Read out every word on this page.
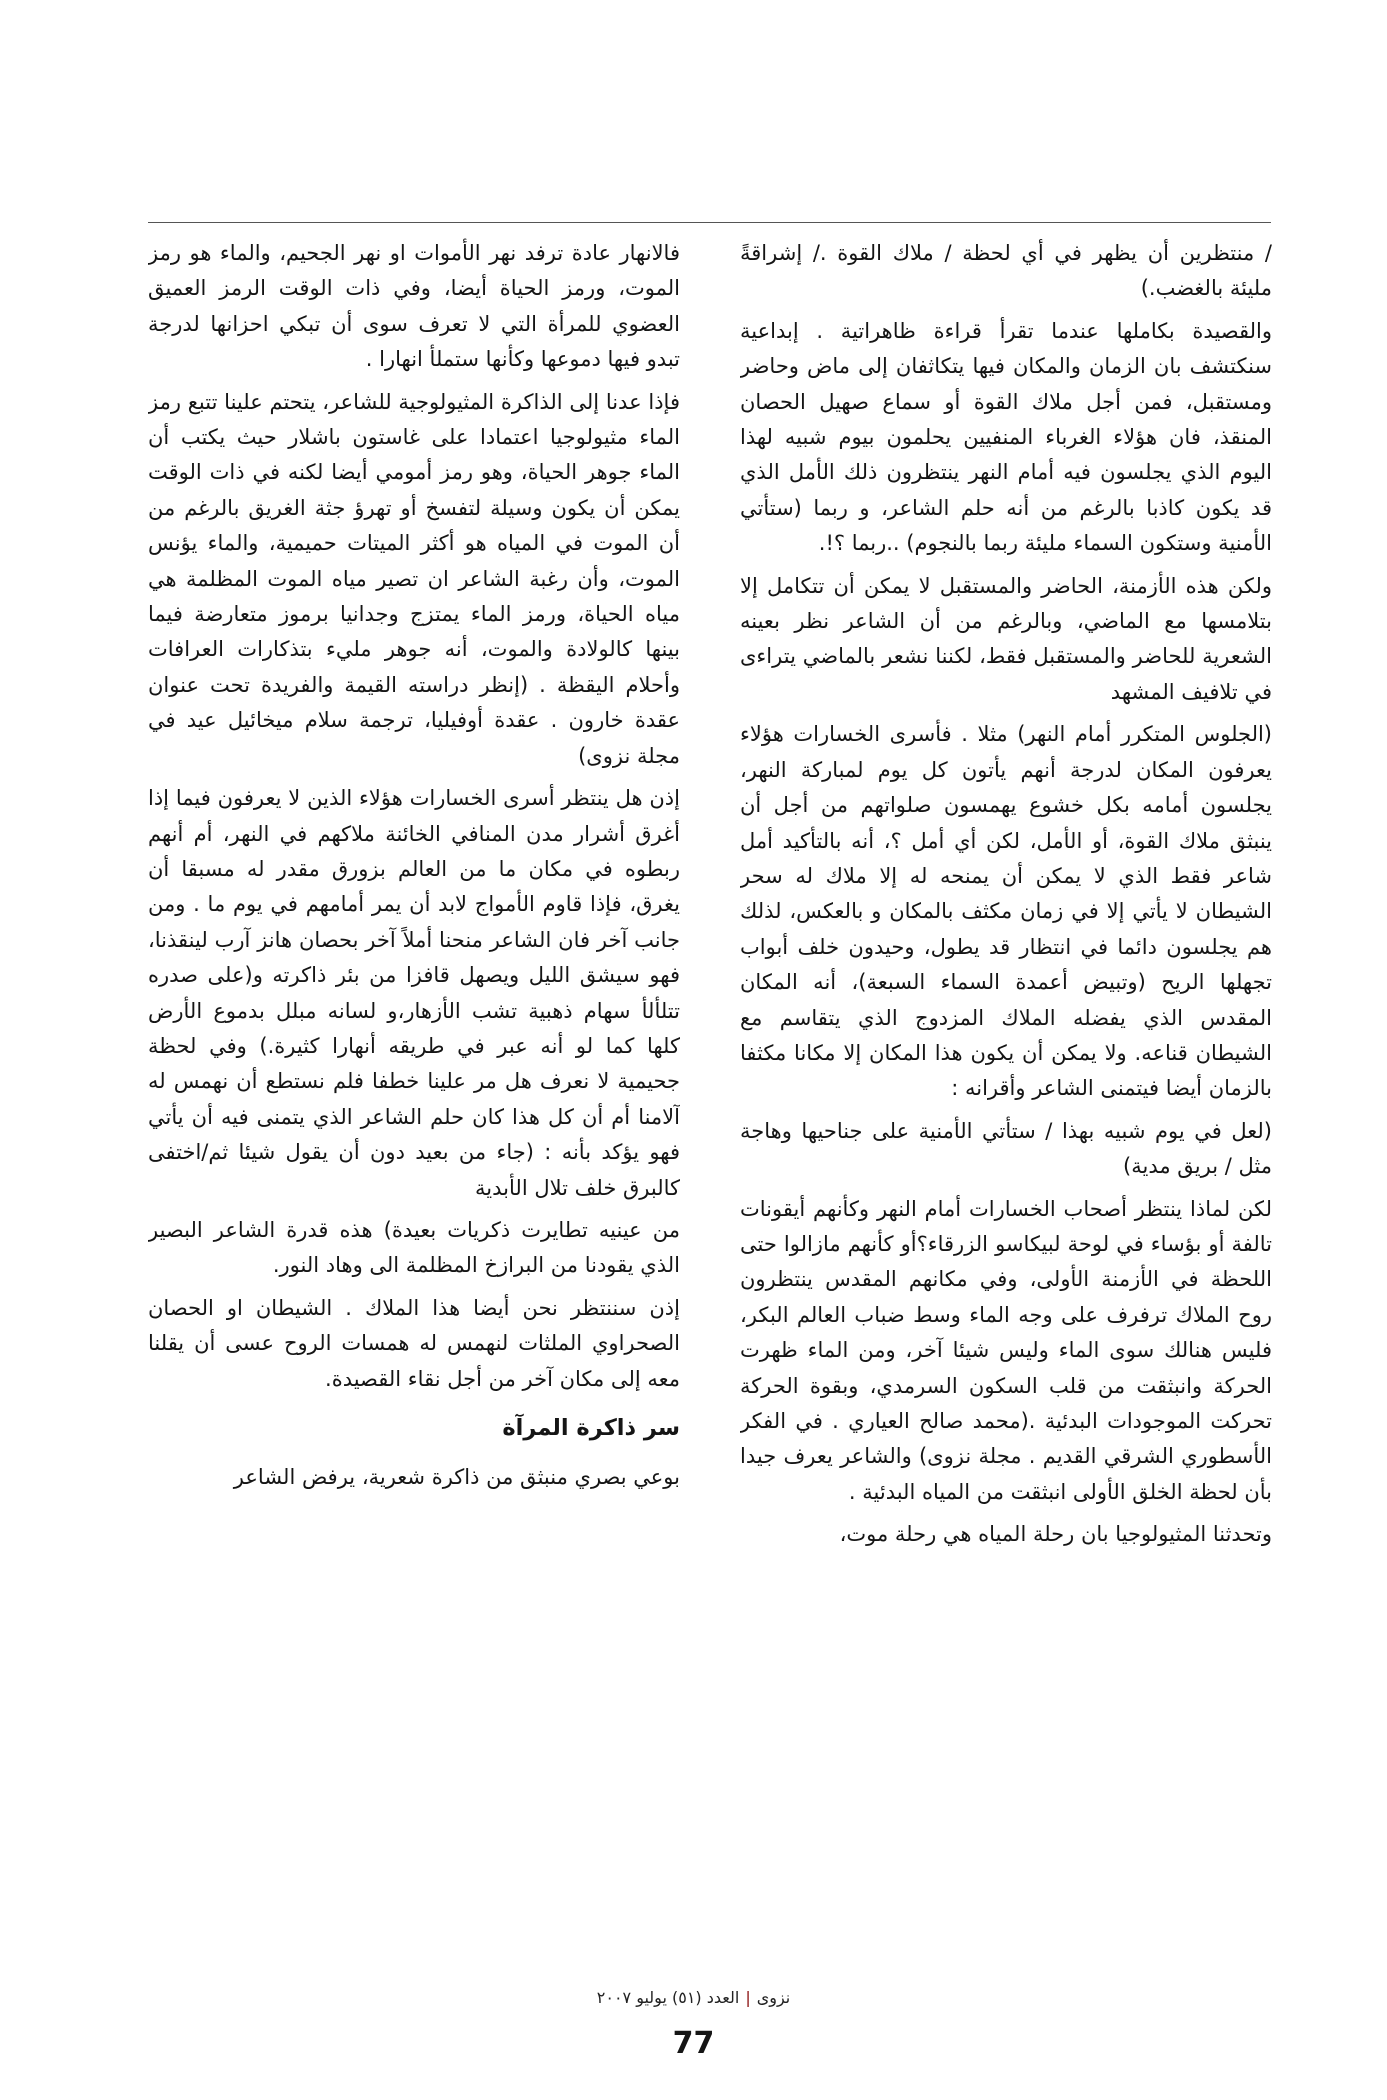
/ منتظرين أن يظهر في أي لحظة / ملاك القوة ./ إشراقةً مليئة بالغضب.)

والقصيدة بكاملها عندما تقرأ قراءة ظاهراتية . إبداعية سنكتشف بان الزمان والمكان فيها يتكاثفان إلى ماض وحاضر ومستقبل، فمن أجل ملاك القوة أو سماع صهيل الحصان المنقذ، فان هؤلاء الغرباء المنفيين يحلمون بيوم شبيه لهذا اليوم الذي يجلسون فيه أمام النهر ينتظرون ذلك الأمل الذي قد يكون كاذبا بالرغم من أنه حلم الشاعر، و ربما (ستأتي الأمنية وستكون السماء مليئة ربما بالنجوم) ..ربما ؟!.

ولكن هذه الأزمنة، الحاضر والمستقبل لا يمكن أن تتكامل إلا بتلامسها مع الماضي، وبالرغم من أن الشاعر نظر بعينه الشعرية للحاضر والمستقبل فقط، لكننا نشعر بالماضي يتراءى في تلافيف المشهد

(الجلوس المتكرر أمام النهر) مثلا . فأسرى الخسارات هؤلاء يعرفون المكان لدرجة أنهم يأتون كل يوم لمباركة النهر، يجلسون أمامه بكل خشوع يهمسون صلواتهم من أجل أن ينبثق ملاك القوة، أو الأمل، لكن أي أمل ؟، أنه بالتأكيد أمل شاعر فقط الذي لا يمكن أن يمنحه له إلا ملاك له سحر الشيطان لا يأتي إلا في زمان مكثف بالمكان و بالعكس، لذلك هم يجلسون دائما في انتظار قد يطول، وحيدون خلف أبواب تجهلها الريح (وتبيض أعمدة السماء السبعة)، أنه المكان المقدس الذي يفضله الملاك المزدوج الذي يتقاسم مع الشيطان قناعه. ولا يمكن أن يكون هذا المكان إلا مكانا مكثفا بالزمان أيضا فيتمنى الشاعر وأقرانه :

(لعل في يوم شبيه بهذا / ستأتي الأمنية على جناحيها وهاجة مثل / بريق مدية)

لكن لماذا ينتظر أصحاب الخسارات أمام النهر وكأنهم أيقونات تالفة أو بؤساء في لوحة لبيكاسو الزرقاء؟أو كأنهم مازالوا حتى اللحظة في الأزمنة الأولى، وفي مكانهم المقدس ينتظرون روح الملاك ترفرف على وجه الماء وسط ضباب العالم البكر، فليس هنالك سوى الماء وليس شيئا آخر، ومن الماء ظهرت الحركة وانبثقت من قلب السكون السرمدي، وبقوة الحركة تحركت الموجودات البدئية .(محمد صالح العياري . في الفكر الأسطوري الشرقي القديم . مجلة نزوى) والشاعر يعرف جيدا بأن لحظة الخلق الأولى انبثقت من المياه البدئية .

وتحدثنا المثيولوجيا بان رحلة المياه هي رحلة موت،

فالانهار عادة ترفد نهر الأموات او نهر الجحيم، والماء هو رمز الموت، ورمز الحياة أيضا، وفي ذات الوقت الرمز العميق العضوي للمرأة التي لا تعرف سوى أن تبكي احزانها لدرجة تبدو فيها دموعها وكأنها ستملأ انهارا .

فإذا عدنا إلى الذاكرة المثيولوجية للشاعر، يتحتم علينا تتبع رمز الماء مثيولوجيا اعتمادا على غاستون باشلار حيث يكتب أن الماء جوهر الحياة، وهو رمز أمومي أيضا لكنه في ذات الوقت يمكن أن يكون وسيلة لتفسخ أو تهرؤ جثة الغريق بالرغم من أن الموت في المياه هو أكثر الميتات حميمية، والماء يؤنس الموت، وأن رغبة الشاعر ان تصير مياه الموت المظلمة هي مياه الحياة، ورمز الماء يمتزج وجدانيا برموز متعارضة فيما بينها كالولادة والموت، أنه جوهر مليء بتذكارات العرافات وأحلام اليقظة . (إنظر دراسته القيمة والفريدة تحت عنوان عقدة خارون . عقدة أوفيليا، ترجمة سلام ميخائيل عيد في مجلة نزوى)

إذن هل ينتظر أسرى الخسارات هؤلاء الذين لا يعرفون فيما إذا أغرق أشرار مدن المنافي الخائنة ملاكهم في النهر، أم أنهم ربطوه في مكان ما من العالم بزورق مقدر له مسبقا أن يغرق، فإذا قاوم الأمواج لابد أن يمر أمامهم في يوم ما . ومن جانب آخر فان الشاعر منحنا أملاً آخر بحصان هانز آرب لينقذنا، فهو سيشق الليل ويصهل قافزا من بئر ذاكرته و(على صدره تتلألأ سهام ذهبية تشب الأزهار،و لسانه مبلل بدموع الأرض كلها كما لو أنه عبر في طريقه أنهارا كثيرة.) وفي لحظة جحيمية لا نعرف هل مر علينا خطفا فلم نستطع أن نهمس له آلامنا أم أن كل هذا كان حلم الشاعر الذي يتمنى فيه أن يأتي فهو يؤكد بأنه : (جاء من بعيد دون أن يقول شيئا ثم/اختفى كالبرق خلف تلال الأبدية

من عينيه تطايرت ذكريات بعيدة) هذه قدرة الشاعر البصير الذي يقودنا من البرازخ المظلمة الى وهاد النور.

إذن سننتظر نحن أيضا هذا الملاك . الشيطان او الحصان الصحراوي الملثات لنهمس له همسات الروح عسى أن يقلنا معه إلى مكان آخر من أجل نقاء القصيدة.

سر ذاكرة المرآة

بوعي بصري منبثق من ذاكرة شعرية، يرفض الشاعر

نزوى|العدد (٥١) يوليو ٢٠٠٧
77
